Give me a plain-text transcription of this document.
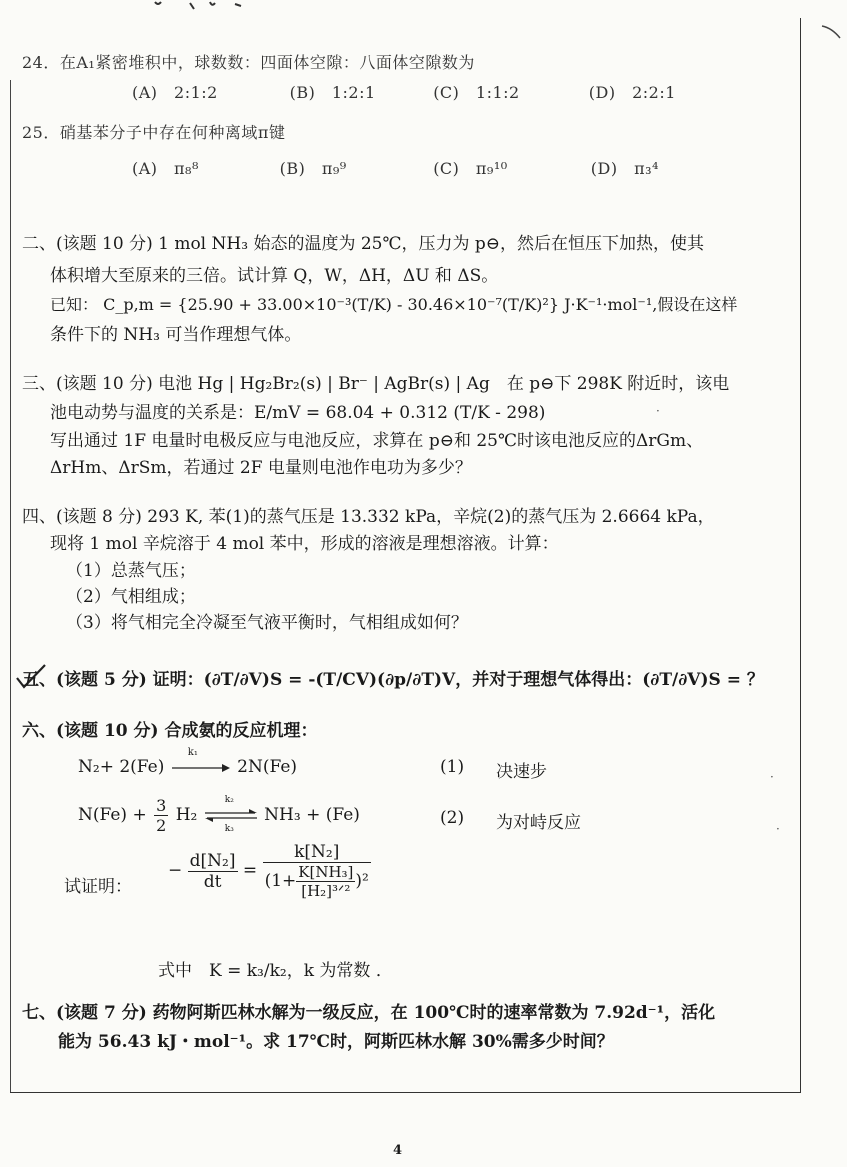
24．在A₁紧密堆积中，球数数：四面体空隙：八面体空隙数为
(A)　2:1:2	(B)　1:2:1	(C)　1:1:2	(D)　2:2:1
25．硝基苯分子中存在何种离域π键
(A)　π₈⁸	(B)　π₉⁹	(C)　π₉¹⁰	(D)　π₃⁴
二、(该题 10 分) 1 mol NH₃ 始态的温度为 25℃，压力为 p⊖，然后在恒压下加热，使其
体积增大至原来的三倍。试计算 Q，W，ΔH，ΔU 和 ΔS。
已知： C_p,m = {25.90 + 33.00×10⁻³(T/K) - 30.46×10⁻⁷(T/K)²} J·K⁻¹·mol⁻¹,假设在这样
条件下的 NH₃ 可当作理想气体。
三、(该题 10 分) 电池 Hg | Hg₂Br₂(s) | Br⁻ | AgBr(s) | Ag　在 p⊖下 298K 附近时，该电
池电动势与温度的关系是：E/mV = 68.04 + 0.312 (T/K - 298)
写出通过 1F 电量时电极反应与电池反应，求算在 p⊖和 25℃时该电池反应的ΔrGm、
ΔrHm、ΔrSm，若通过 2F 电量则电池作电功为多少？
四、(该题 8 分) 293 K, 苯(1)的蒸气压是 13.332 kPa，辛烷(2)的蒸气压为 2.6664 kPa，
现将 1 mol 辛烷溶于 4 mol 苯中，形成的溶液是理想溶液。计算：
（1）总蒸气压；
（2）气相组成；
（3）将气相完全冷凝至气液平衡时，气相组成如何？
五、(该题 5 分) 证明：(∂T/∂V)S = -(T/CV)(∂p/∂T)V，并对于理想气体得出：(∂T/∂V)S = ？
六、(该题 10 分) 合成氨的反应机理：
N₂+ 2(Fe)
k₁
2N(Fe)	(1) 决速步
$N(Fe) + \frac{3}{2} H_2$
k₂
k₃
NH₃ + (Fe)	(2) 为对峙反应
试证明：
− $\frac{\text{d[N₂]}}{dt} = \frac{\text{k[N₂]}}{(1+ \frac{\text{K[NH₃]}}{\text{[H₂]³ᐟ²}} )^2}$
式中　K = k₃/k₂，k 为常数 ．
七、(该题 7 分) 药物阿斯匹林水解为一级反应，在 100℃时的速率常数为 7.92d⁻¹，活化
能为 56.43 kJ・mol⁻¹。求 17℃时，阿斯匹林水解 30%需多少时间？
·
·
·
4
